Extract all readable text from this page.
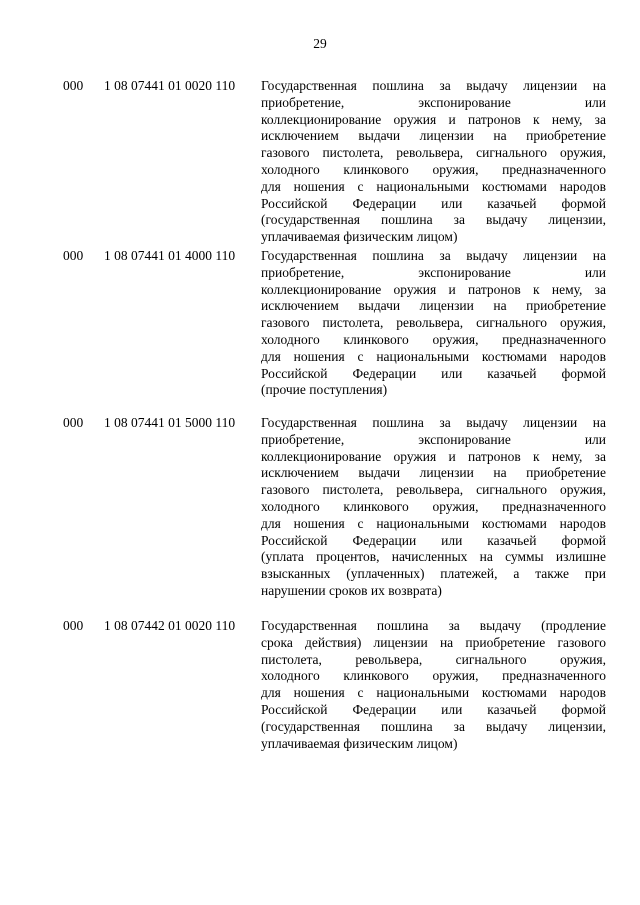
29
000 1 08 07441 01 0020 110 Государственная пошлина за выдачу лицензии на
приобретение, экспонирование или
коллекционирование оружия и патронов к нему, за
исключением выдачи лицензии на приобретение
газового пистолета, револьвера, сигнального оружия,
холодного клинкового оружия, предназначенного
для ношения с национальными костюмами народов
Российской Федерации или казачьей формой
(государственная пошлина за выдачу лицензии,
уплачиваемая физическим лицом)
000 1 08 07441 01 4000 110 Государственная пошлина за выдачу лицензии на
приобретение, экспонирование или
коллекционирование оружия и патронов к нему, за
исключением выдачи лицензии на приобретение
газового пистолета, револьвера, сигнального оружия,
холодного клинкового оружия, предназначенного
для ношения с национальными костюмами народов
Российской Федерации или казачьей формой
(прочие поступления)
000 1 08 07441 01 5000 110 Государственная пошлина за выдачу лицензии на
приобретение, экспонирование или
коллекционирование оружия и патронов к нему, за
исключением выдачи лицензии на приобретение
газового пистолета, револьвера, сигнального оружия,
холодного клинкового оружия, предназначенного
для ношения с национальными костюмами народов
Российской Федерации или казачьей формой
(уплата процентов, начисленных на суммы излишне
взысканных (уплаченных) платежей, а также при
нарушении сроков их возврата)
000 1 08 07442 01 0020 110 Государственная пошлина за выдачу (продление
срока действия) лицензии на приобретение газового
пистолета, револьвера, сигнального оружия,
холодного клинкового оружия, предназначенного
для ношения с национальными костюмами народов
Российской Федерации или казачьей формой
(государственная пошлина за выдачу лицензии,
уплачиваемая физическим лицом)
